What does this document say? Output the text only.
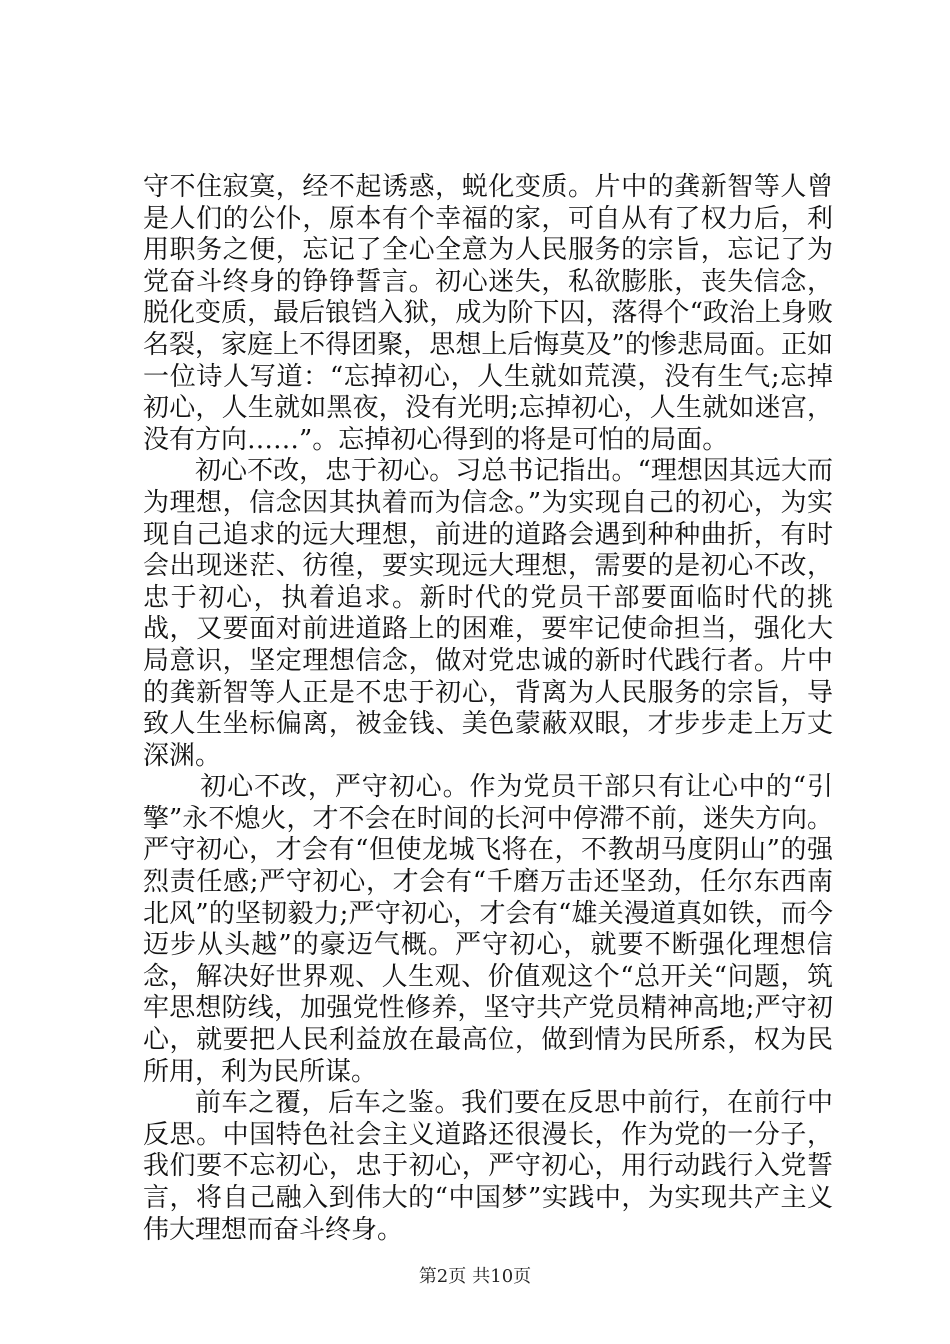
守不住寂寞，经不起诱惑，蜕化变质。片中的龚新智等人曾是人们的公仆，原本有个幸福的家，可自从有了权力后，利用职务之便，忘记了全心全意为人民服务的宗旨，忘记了为党奋斗终身的铮铮誓言。初心迷失，私欲膨胀，丧失信念，脱化变质，最后锒铛入狱，成为阶下囚，落得个“政治上身败名裂，家庭上不得团聚，思想上后悔莫及”的惨悲局面。正如一位诗人写道：“忘掉初心，人生就如荒漠，没有生气;忘掉初心，人生就如黑夜，没有光明;忘掉初心，人生就如迷宫，没有方向……”。忘掉初心得到的将是可怕的局面。

初心不改，忠于初心。习总书记指出。“理想因其远大而为理想，信念因其执着而为信念。”为实现自己的初心，为实现自己追求的远大理想，前进的道路会遇到种种曲折，有时会出现迷茫、彷徨，要实现远大理想，需要的是初心不改，忠于初心，执着追求。新时代的党员干部要面临时代的挑战，又要面对前进道路上的困难，要牢记使命担当，强化大局意识，坚定理想信念，做对党忠诚的新时代践行者。片中的龚新智等人正是不忠于初心，背离为人民服务的宗旨，导致人生坐标偏离，被金钱、美色蒙蔽双眼，才步步走上万丈深渊。

初心不改，严守初心。作为党员干部只有让心中的“引擎”永不熄火，才不会在时间的长河中停滞不前，迷失方向。严守初心，才会有“但使龙城飞将在，不教胡马度阴山”的强烈责任感;严守初心，才会有“千磨万击还坚劲，任尔东西南北风”的坚韧毅力;严守初心，才会有“雄关漫道真如铁，而今迈步从头越”的豪迈气概。严守初心，就要不断强化理想信念，解决好世界观、人生观、价值观这个“总开关“问题，筑牢思想防线，加强党性修养，坚守共产党员精神高地;严守初心，就要把人民利益放在最高位，做到情为民所系，权为民所用，利为民所谋。

前车之覆，后车之鉴。我们要在反思中前行，在前行中反思。中国特色社会主义道路还很漫长，作为党的一分子，我们要不忘初心，忠于初心，严守初心，用行动践行入党誓言，将自己融入到伟大的“中国梦”实践中，为实现共产主义伟大理想而奋斗终身。

第2页 共10页
